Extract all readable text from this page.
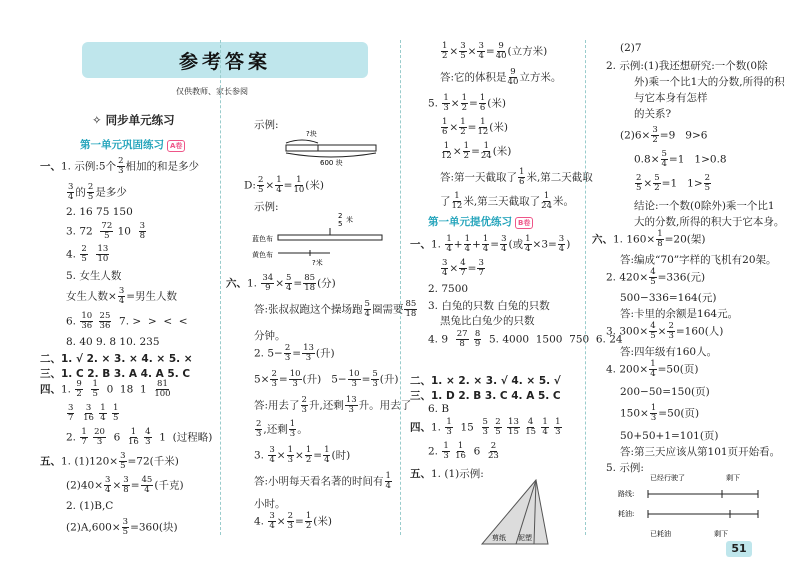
参考答案
仅供教师、家长参阅
✧ 同步单元练习
第一单元巩固练习 A卷
一、1. 示例:5个 $\frac{2}{3}$ 相加的和是多少
$\frac{3}{4}$ 的 $\frac{2}{5}$ 是多少
2. 16 75 150
3. $72 \frac{72}{5} 10 \frac{3}{8}$
4. $\frac{2}{5}$
$\frac{13}{10}$
5. 女生人数
女生人数× $\frac{3}{4}$ =男生人数
6. $\frac{10}{36}$
$\frac{25}{36} 7$. >  >  <  <
8. 40 9. 8 10. 235
二、1. √ 2. × 3. × 4. × 5. ×
三、1. C 2. B 3. A 4. A 5. C
四、1. $\frac{9}{2}$
$\frac{1}{5} 0$  18  $1 \frac{81}{100}$
$\frac{3}{7}$
$\frac{3}{16}$
$\frac{1}{4}$
$\frac{1}{5}$
2. $\frac{1}{7}$
$\frac{20}{3} 6 \frac{1}{16}$
$\frac{4}{3} 1$  (过程略)
五、1. $(1)120\times \frac{3}{5} =72$(千米)
$(2)40\times \frac{3}{4} \times \frac{3}{8} = \frac{45}{4}$ (千克)
2. (1)B,C
$(2)A,600\times \frac{3}{5} =360$(块)
示例:
?块
600 块
D: $\frac{2}{5} \times \frac{1}{4} = \frac{1}{10}$ (米)
示例:
2
5 米
蓝色布
黄色布
?米
六、1. $\frac{34}{9} \times \frac{5}{4} = \frac{85}{18}$ (分)
答:张叔叔跑这个操场跑 $\frac{5}{4}$ 圈需要 $\frac{85}{18}$
分钟。
2. $5- \frac{2}{3} = \frac{13}{3}$ (升)
$5\times \frac{2}{3} = \frac{10}{3}$ (升)   $5- \frac{10}{3} = \frac{5}{3}$ (升)
答:用去了 $\frac{2}{3}$ 升,还剩 $\frac{13}{3}$ 升。用去了
$\frac{2}{3}$ ,还剩 $\frac{1}{3}$ 。
3. $\frac{3}{4} \times \frac{1}{3} \times \frac{1}{2} = \frac{1}{4}$ (时)
答:小明每天看名著的时间有 $\frac{1}{4}$
小时。
4. $\frac{3}{4} \times \frac{2}{3} = \frac{1}{2}$ (米)
$\frac{1}{2} \times \frac{3}{5} \times \frac{3}{4} = \frac{9}{40}$ (立方米)
答:它的体积是 $\frac{9}{40}$ 立方米。
5. $\frac{1}{3} \times \frac{1}{2} = \frac{1}{6}$ (米)
$\frac{1}{6} \times \frac{1}{2} = \frac{1}{12}$ (米)
$\frac{1}{12} \times \frac{1}{2} = \frac{1}{24}$ (米)
答:第一天截取了 $\frac{1}{6}$ 米,第二天截取
了 $\frac{1}{12}$ 米,第三天截取了 $\frac{1}{24}$ 米。
第一单元提优练习 B卷
一、1. $\frac{1}{4} + \frac{1}{4} + \frac{1}{4} = \frac{3}{4}$ (或 $\frac{1}{4} \times 3= \frac{3}{4}$ )
$\frac{3}{4} \times \frac{4}{7} = \frac{3}{7}$
2. 7500
3. 白兔的只数 白兔的只数
黑兔比白兔少的只数
4. $9 \frac{27}{8}$
$\frac{8}{9} 5$. 4000  1500  750  6. 24
二、1. × 2. × 3. √ 4. × 5. √
三、1. D 2. B 3. C 4. A 5. C
6. B
四、1. $\frac{1}{3} 15 \frac{5}{3}$
$\frac{2}{5}$
$\frac{13}{15}$
$\frac{4}{15}$
$\frac{1}{4}$
$\frac{1}{3}$
2. $\frac{1}{3}$
$\frac{1}{16} 6 \frac{2}{23}$
五、1. (1)示例:
剪纸 泥塑
(2)7
2. 示例:(1)我还想研究:一个数(0除
外)乘一个比1大的分数,所得的积
与它本身有怎样
的关系?
$(2)6\times \frac{3}{2} =9$   9>6
$0.8\times \frac{5}{4} =1$   1>0.8
$\frac{2}{5} \times \frac{5}{2} =1$   $1> \frac{2}{5}$
结论:一个数(0除外)乘一个比1
大的分数,所得的积大于它本身。
六、1. $160\times \frac{1}{8} =20$(架)
答:编成“70”字样的飞机有20架。
2. $420\times \frac{4}{5} =336$(元)
500−336=164(元)
答:卡里的余额是164元。
3. $300\times \frac{4}{5} \times \frac{2}{3} =160$(人)
答:四年级有160人。
4. $200\times \frac{1}{4} =50$(页)
200−50=150(页)
$150\times \frac{1}{3} =50$(页)
50+50+1=101(页)
答:第三天应该从第101页开始看。
5. 示例:
已经行驶了	剩下
路线:
耗油:
已耗油	剩下
51
